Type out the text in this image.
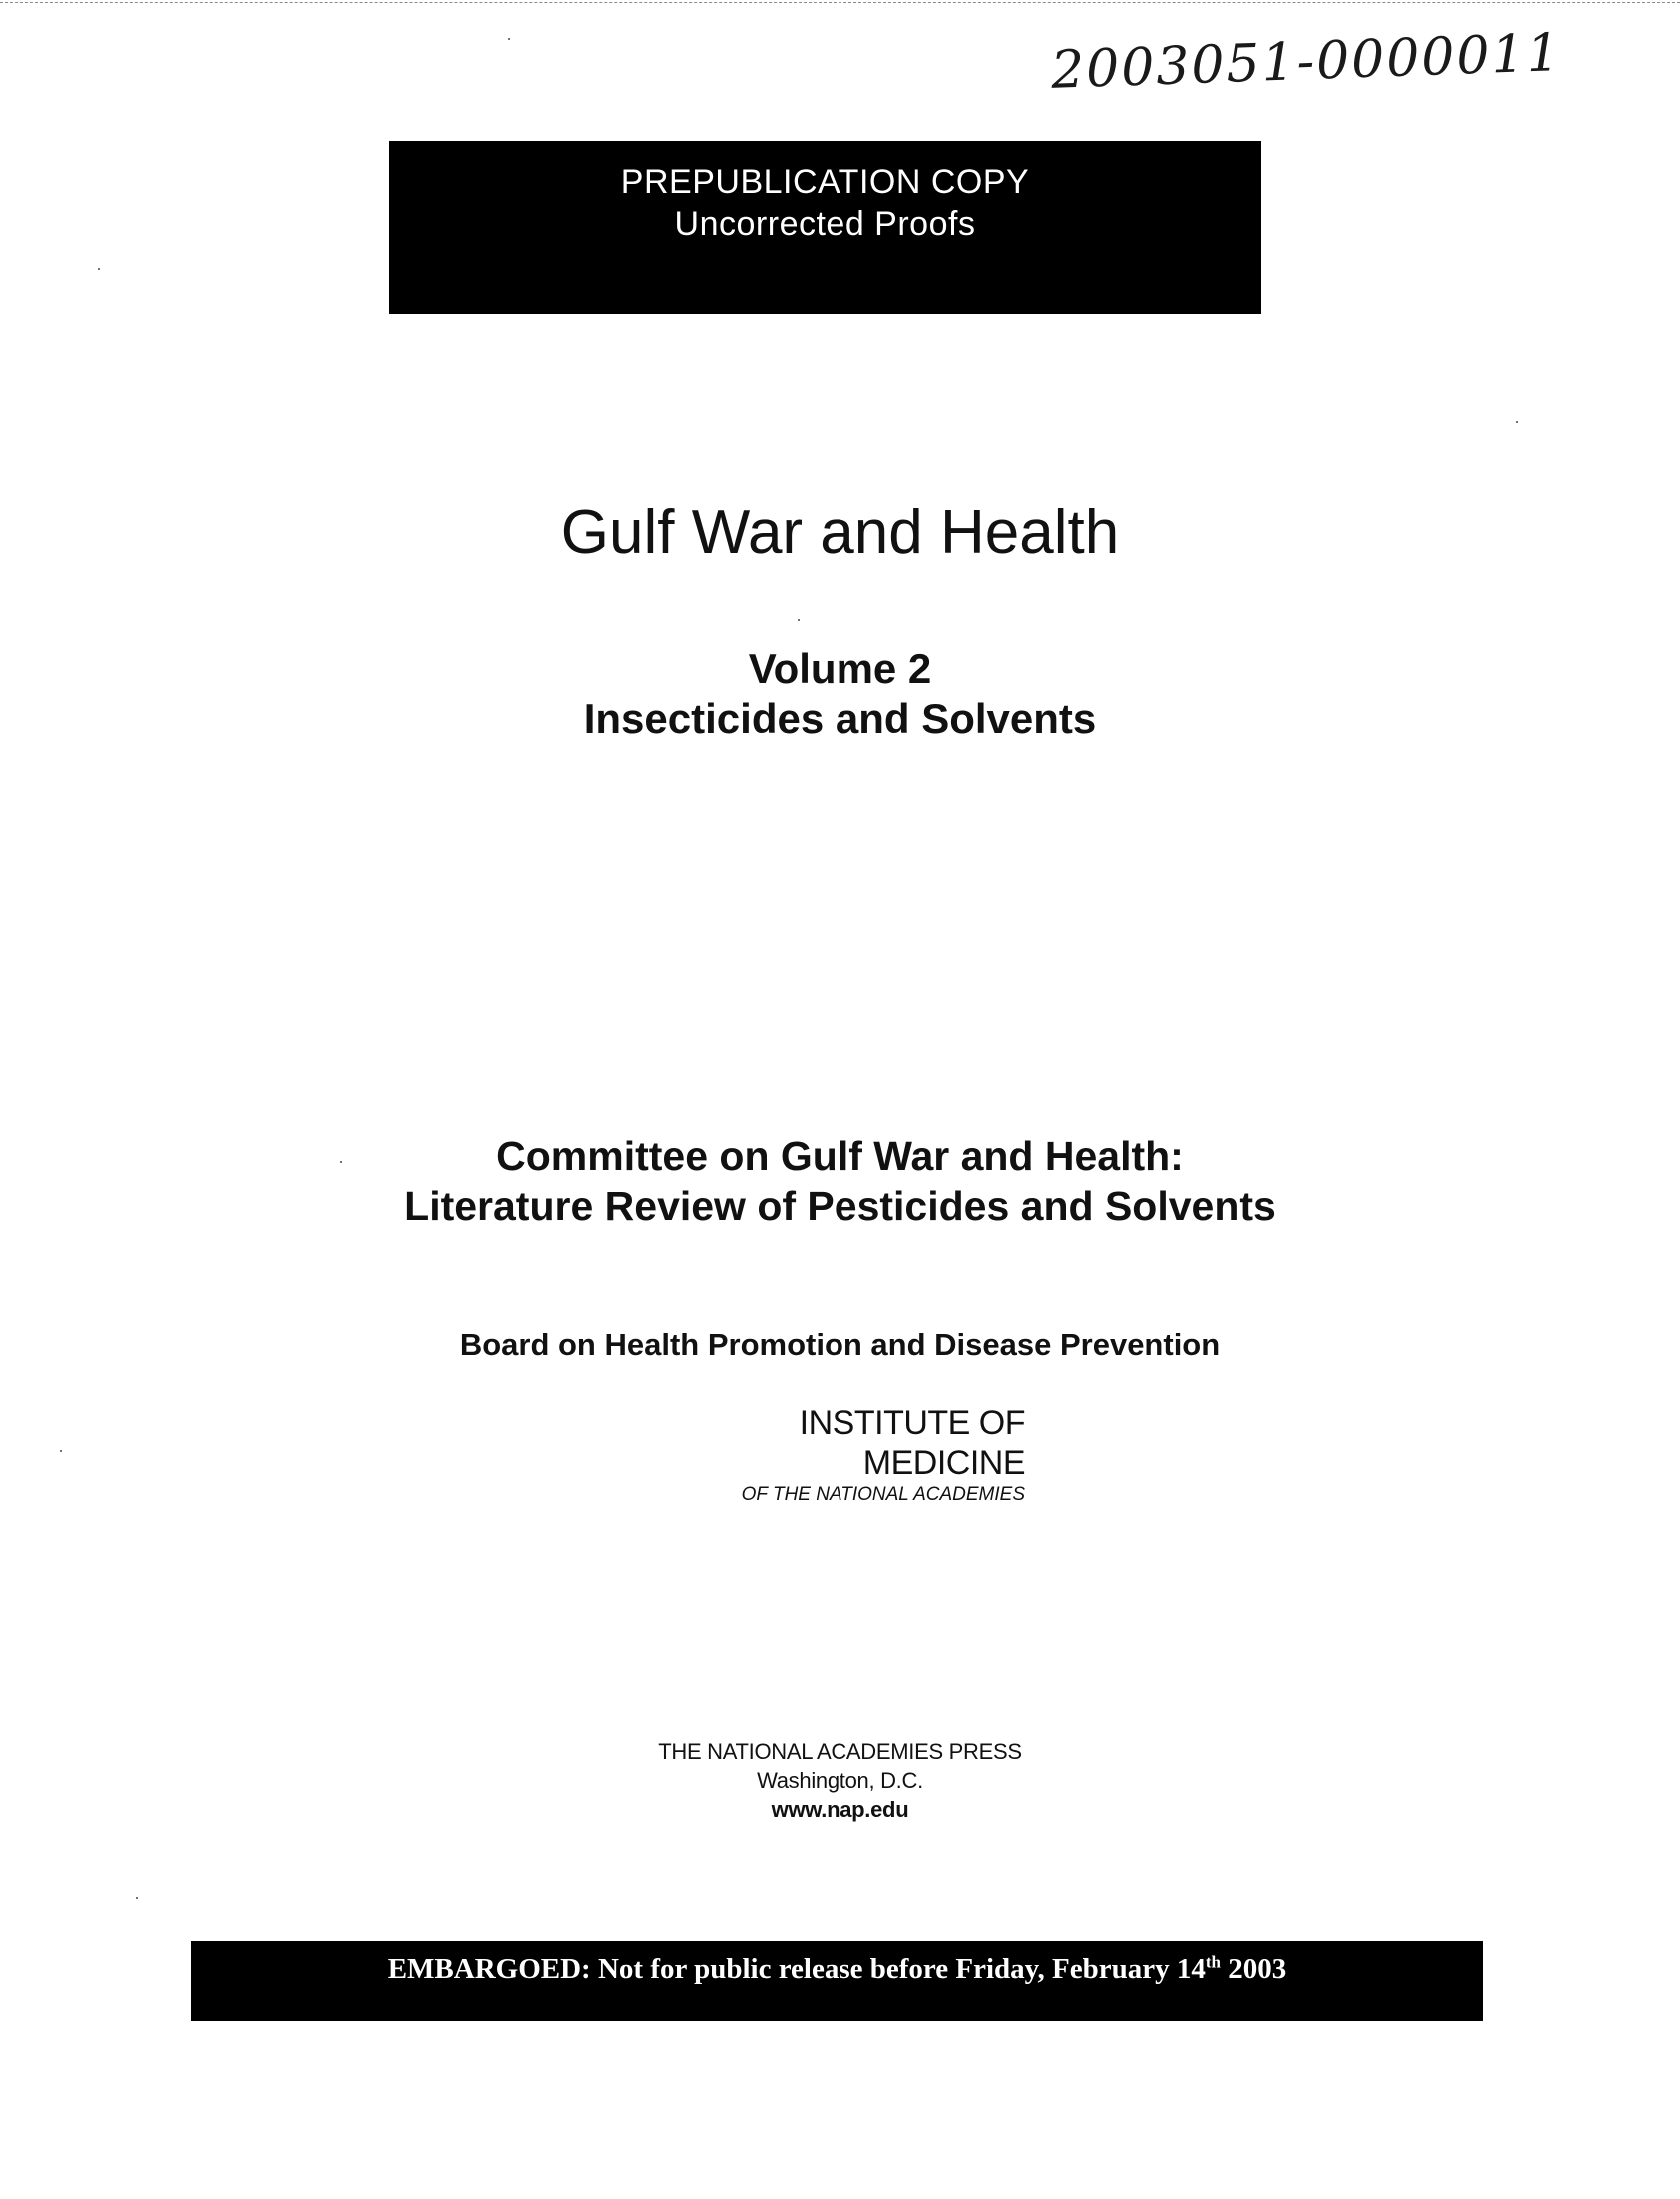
2003051-0000011
PREPUBLICATION COPY
Uncorrected Proofs
Gulf War and Health
Volume 2
Insecticides and Solvents
Committee on Gulf War and Health:
Literature Review of Pesticides and Solvents
Board on Health Promotion and Disease Prevention
INSTITUTE OF MEDICINE
OF THE NATIONAL ACADEMIES
THE NATIONAL ACADEMIES PRESS
Washington, D.C.
www.nap.edu
EMBARGOED: Not for public release before Friday, February 14th 2003
